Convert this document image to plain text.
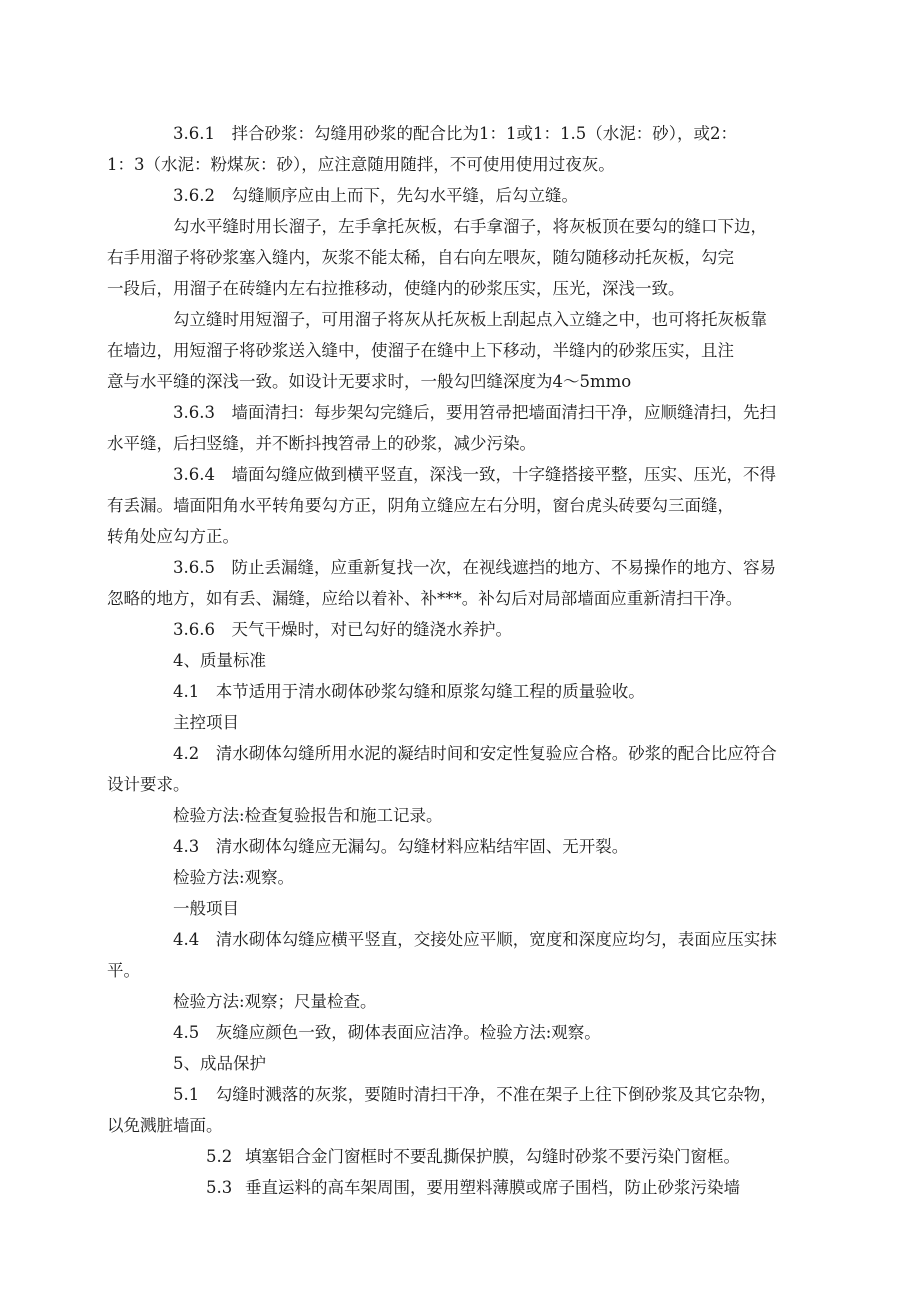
3.6.1　拌合砂浆：勾缝用砂浆的配合比为1：1或1：1.5（水泥：砂），或2：
1：3（水泥：粉煤灰：砂），应注意随用随拌，不可使用使用过夜灰。
3.6.2　勾缝顺序应由上而下，先勾水平缝，后勾立缝。
勾水平缝时用长溜子，左手拿托灰板，右手拿溜子，将灰板顶在要勾的缝口下边，
右手用溜子将砂浆塞入缝内，灰浆不能太稀，自右向左喂灰，随勾随移动托灰板，勾完
一段后，用溜子在砖缝内左右拉推移动，使缝内的砂浆压实，压光，深浅一致。
勾立缝时用短溜子，可用溜子将灰从托灰板上刮起点入立缝之中，也可将托灰板靠
在墙边，用短溜子将砂浆送入缝中，使溜子在缝中上下移动，半缝内的砂浆压实，且注
意与水平缝的深浅一致。如设计无要求时，一般勾凹缝深度为4～5mmo
3.6.3　墙面清扫：每步架勾完缝后，要用笤帚把墙面清扫干净，应顺缝清扫，先扫
水平缝，后扫竖缝，并不断抖拽笤帚上的砂浆，减少污染。
3.6.4　墙面勾缝应做到横平竖直，深浅一致，十字缝搭接平整，压实、压光，不得
有丢漏。墙面阳角水平转角要勾方正，阴角立缝应左右分明，窗台虎头砖要勾三面缝，
转角处应勾方正。
3.6.5　防止丢漏缝，应重新复找一次，在视线遮挡的地方、不易操作的地方、容易
忽略的地方，如有丢、漏缝，应给以着补、补***。补勾后对局部墙面应重新清扫干净。
3.6.6　天气干燥时，对已勾好的缝浇水养护。
4、质量标准
4.1　本节适用于清水砌体砂浆勾缝和原浆勾缝工程的质量验收。
主控项目
4.2　清水砌体勾缝所用水泥的凝结时间和安定性复验应合格。砂浆的配合比应符合
设计要求。
检验方法:检查复验报告和施工记录。
4.3　清水砌体勾缝应无漏勾。勾缝材料应粘结牢固、无开裂。
检验方法:观察。
一般项目
4.4　清水砌体勾缝应横平竖直，交接处应平顺，宽度和深度应均匀，表面应压实抹
平。
检验方法:观察；尺量检查。
4.5　灰缝应颜色一致，砌体表面应洁净。检验方法:观察。
5、成品保护
5.1　勾缝时溅落的灰浆，要随时清扫干净，不准在架子上往下倒砂浆及其它杂物，
以免溅脏墙面。
5.2 填塞铝合金门窗框时不要乱撕保护膜，勾缝时砂浆不要污染门窗框。
5.3 垂直运料的高车架周围，要用塑料薄膜或席子围档，防止砂浆污染墙
